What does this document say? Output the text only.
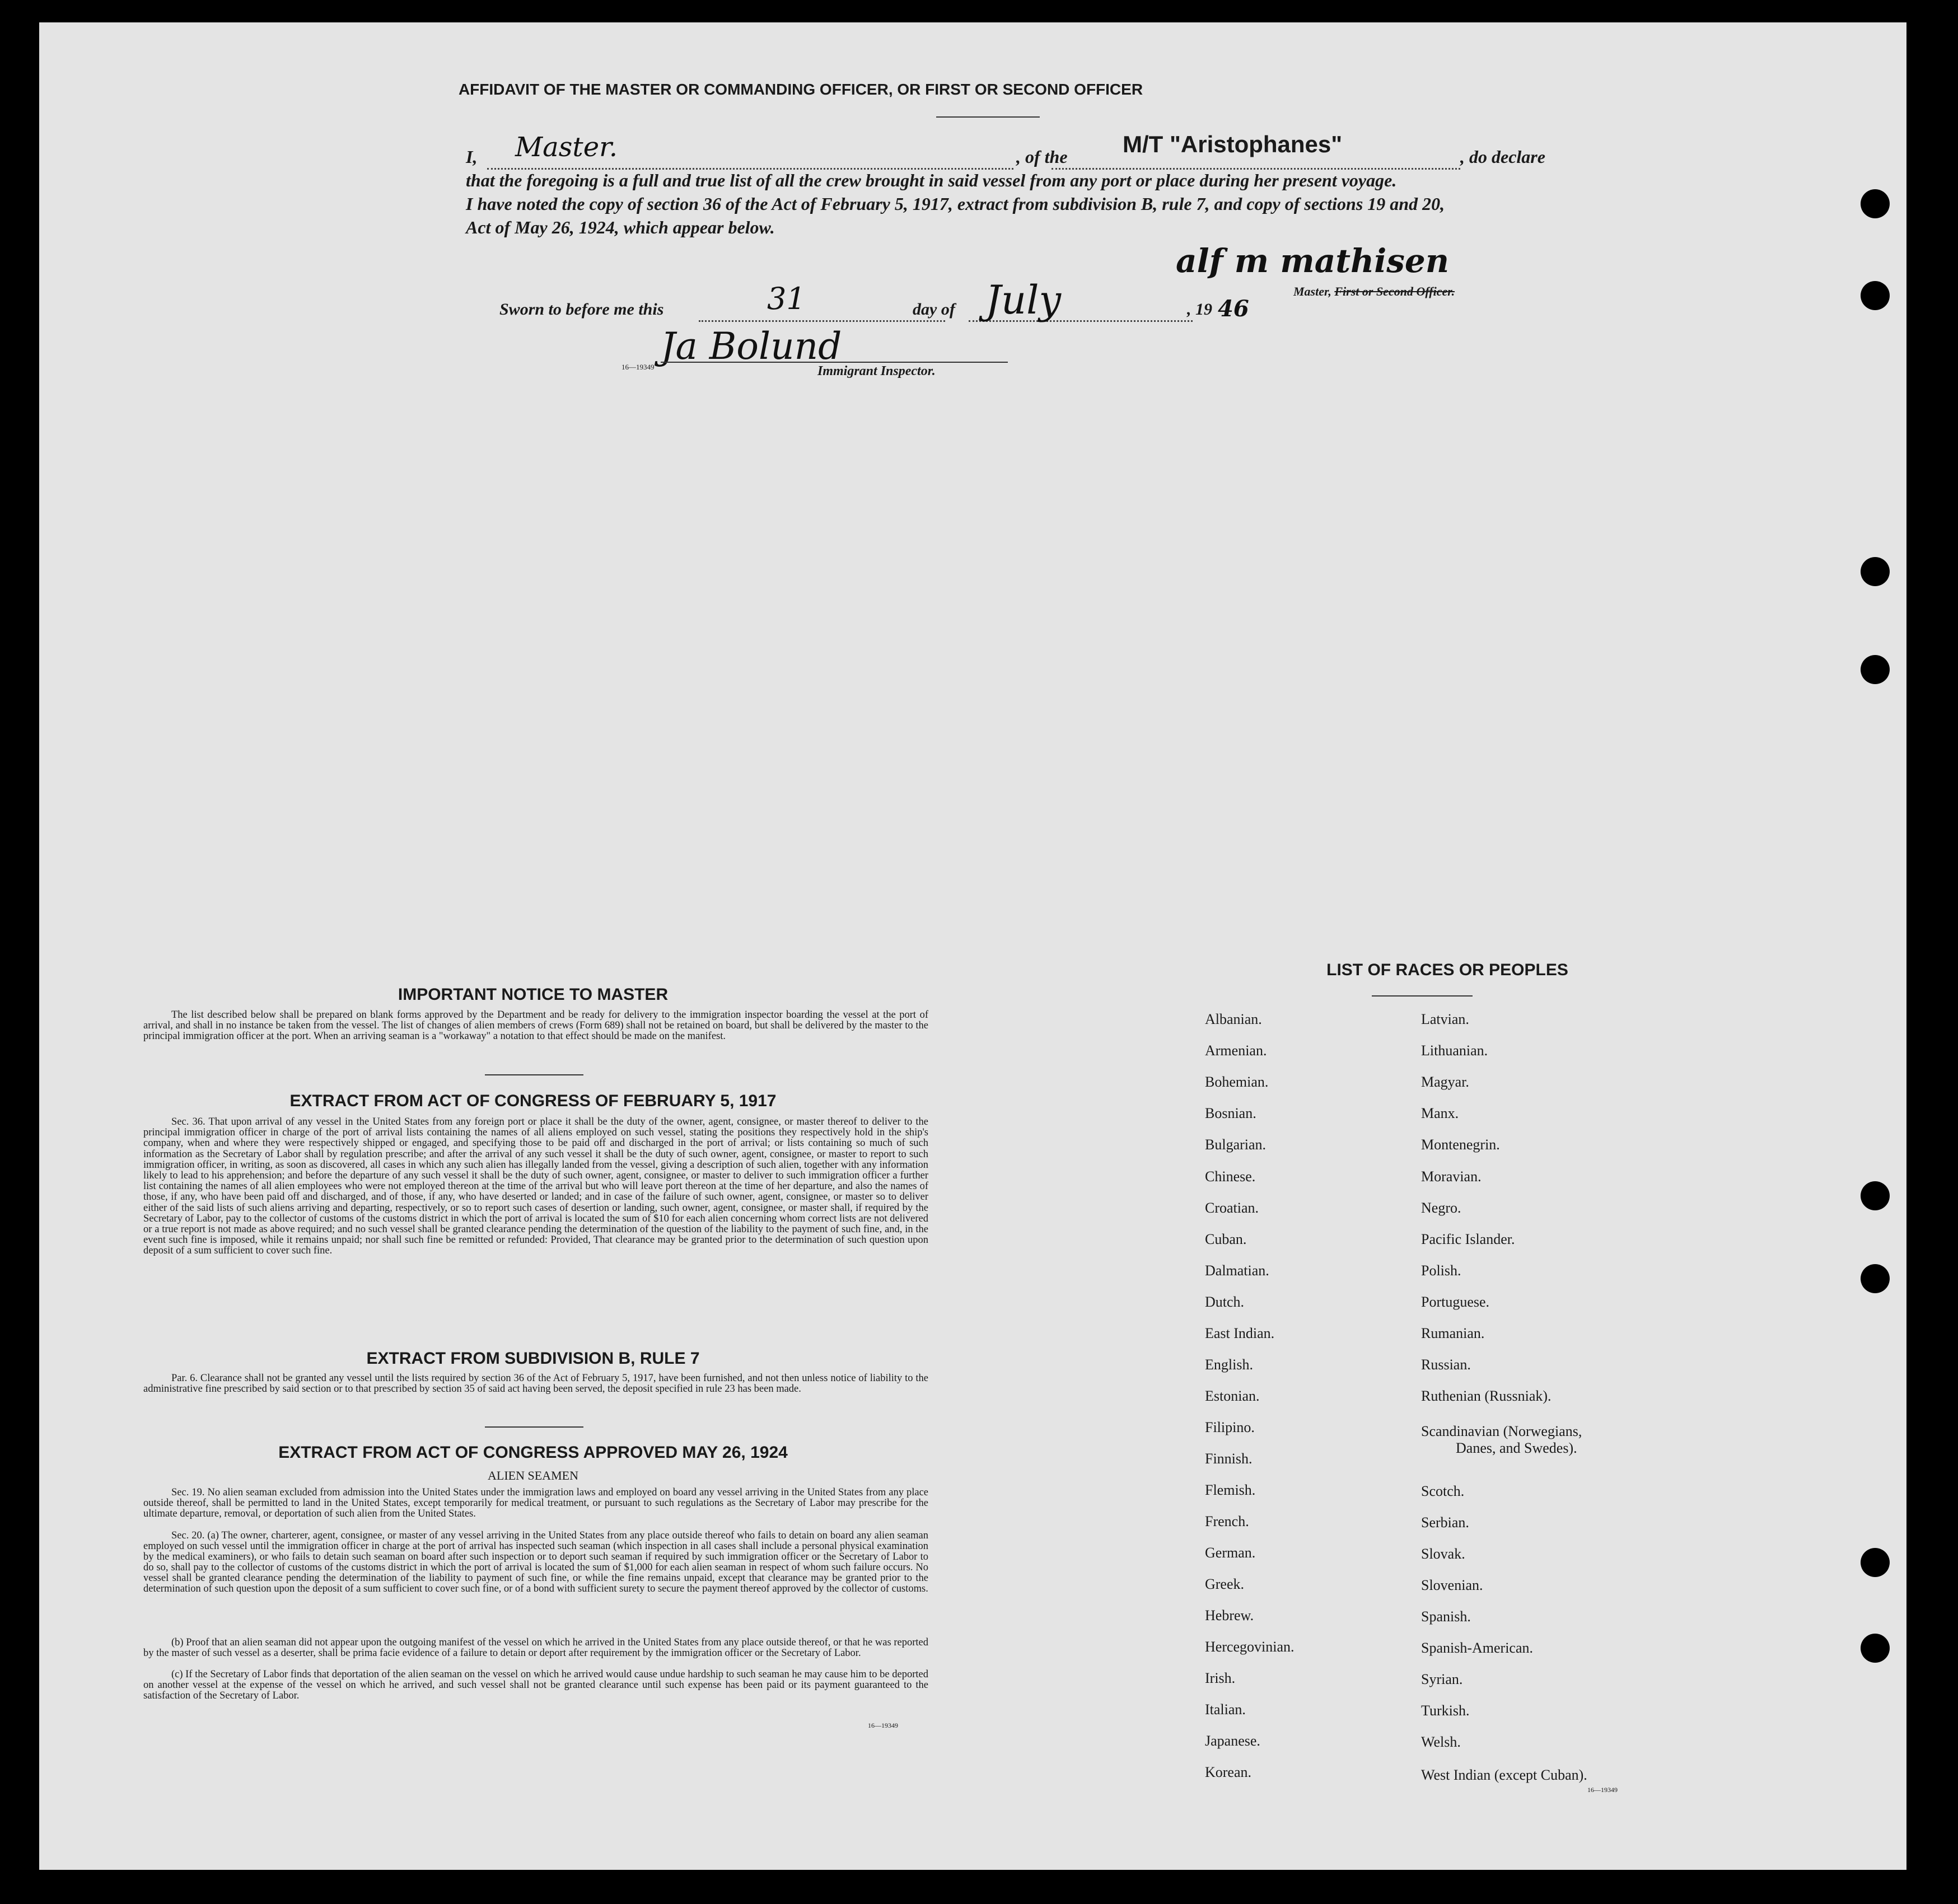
AFFIDAVIT OF THE MASTER OR COMMANDING OFFICER, OR FIRST OR SECOND OFFICER
I, Master.	, of the M/T "Aristophanes"	, do declare
that the foregoing is a full and true list of all the crew brought in said vessel from any port or place during her present voyage.
I have noted the copy of section 36 of the Act of February 5, 1917, extract from subdivision B, rule 7, and copy of sections 19 and 20,
Act of May 26, 1924, which appear below.
alf m mathisen
Master, First or Second Officer.
Sworn to before me this	31	day of July	, 19 46
Ja Bolund
16—19349	Immigrant Inspector.
IMPORTANT NOTICE TO MASTER

The list described below shall be prepared on blank forms approved by the Department and be ready for delivery to the immigration inspector boarding the vessel at the port of arrival, and shall in no instance be taken from the vessel. The list of changes of alien members of crews (Form 689) shall not be retained on board, but shall be delivered by the master to the principal immigration officer at the port. When an arriving seaman is a "workaway" a notation to that effect should be made on the manifest.

EXTRACT FROM ACT OF CONGRESS OF FEBRUARY 5, 1917

Sec. 36. That upon arrival of any vessel in the United States from any foreign port or place it shall be the duty of the owner, agent, consignee, or master thereof to deliver to the principal immigration officer in charge of the port of arrival lists containing the names of all aliens employed on such vessel, stating the positions they respectively hold in the ship's company, when and where they were respectively shipped or engaged, and specifying those to be paid off and discharged in the port of arrival; or lists containing so much of such information as the Secretary of Labor shall by regulation prescribe; and after the arrival of any such vessel it shall be the duty of such owner, agent, consignee, or master to report to such immigration officer, in writing, as soon as discovered, all cases in which any such alien has illegally landed from the vessel, giving a description of such alien, together with any information likely to lead to his apprehension; and before the departure of any such vessel it shall be the duty of such owner, agent, consignee, or master to deliver to such immigration officer a further list containing the names of all alien employees who were not employed thereon at the time of the arrival but who will leave port thereon at the time of her departure, and also the names of those, if any, who have been paid off and discharged, and of those, if any, who have deserted or landed; and in case of the failure of such owner, agent, consignee, or master so to deliver either of the said lists of such aliens arriving and departing, respectively, or so to report such cases of desertion or landing, such owner, agent, consignee, or master shall, if required by the Secretary of Labor, pay to the collector of customs of the customs district in which the port of arrival is located the sum of $10 for each alien concerning whom correct lists are not delivered or a true report is not made as above required; and no such vessel shall be granted clearance pending the determination of the question of the liability to the payment of such fine, and, in the event such fine is imposed, while it remains unpaid; nor shall such fine be remitted or refunded: Provided, That clearance may be granted prior to the determination of such question upon deposit of a sum sufficient to cover such fine.

EXTRACT FROM SUBDIVISION B, RULE 7

Par. 6. Clearance shall not be granted any vessel until the lists required by section 36 of the Act of February 5, 1917, have been furnished, and not then unless notice of liability to the administrative fine prescribed by said section or to that prescribed by section 35 of said act having been served, the deposit specified in rule 23 has been made.

EXTRACT FROM ACT OF CONGRESS APPROVED MAY 26, 1924
ALIEN SEAMEN

Sec. 19. No alien seaman excluded from admission into the United States under the immigration laws and employed on board any vessel arriving in the United States from any place outside thereof, shall be permitted to land in the United States, except temporarily for medical treatment, or pursuant to such regulations as the Secretary of Labor may prescribe for the ultimate departure, removal, or deportation of such alien from the United States.

Sec. 20. (a) The owner, charterer, agent, consignee, or master of any vessel arriving in the United States from any place outside thereof who fails to detain on board any alien seaman employed on such vessel until the immigration officer in charge at the port of arrival has inspected such seaman (which inspection in all cases shall include a personal physical examination by the medical examiners), or who fails to detain such seaman on board after such inspection or to deport such seaman if required by such immigration officer or the Secretary of Labor to do so, shall pay to the collector of customs of the customs district in which the port of arrival is located the sum of $1,000 for each alien seaman in respect of whom such failure occurs. No vessel shall be granted clearance pending the determination of the liability to payment of such fine, or while the fine remains unpaid, except that clearance may be granted prior to the determination of such question upon the deposit of a sum sufficient to cover such fine, or of a bond with sufficient surety to secure the payment thereof approved by the collector of customs.

(b) Proof that an alien seaman did not appear upon the outgoing manifest of the vessel on which he arrived in the United States from any place outside thereof, or that he was reported by the master of such vessel as a deserter, shall be prima facie evidence of a failure to detain or deport after requirement by the immigration officer or the Secretary of Labor.

(c) If the Secretary of Labor finds that deportation of the alien seaman on the vessel on which he arrived would cause undue hardship to such seaman he may cause him to be deported on another vessel at the expense of the vessel on which he arrived, and such vessel shall not be granted clearance until such expense has been paid or its payment guaranteed to the satisfaction of the Secretary of Labor.

16—19349
LIST OF RACES OR PEOPLES
Albanian.
Armenian.
Bohemian.
Bosnian.
Bulgarian.
Chinese.
Croatian.
Cuban.
Dalmatian.
Dutch.
East Indian.
English.
Estonian.
Filipino.
Finnish.
Flemish.
French.
German.
Greek.
Hebrew.
Hercegovinian.
Irish.
Italian.
Japanese.
Korean.
Latvian.
Lithuanian.
Magyar.
Manx.
Montenegrin.
Moravian.
Negro.
Pacific Islander.
Polish.
Portuguese.
Rumanian.
Russian.
Ruthenian (Russniak).
Scandinavian (Norwegians,
Danes, and Swedes).
Scotch.
Serbian.
Slovak.
Slovenian.
Spanish.
Spanish-American.
Syrian.
Turkish.
Welsh.
West Indian (except Cuban).
16—19349
